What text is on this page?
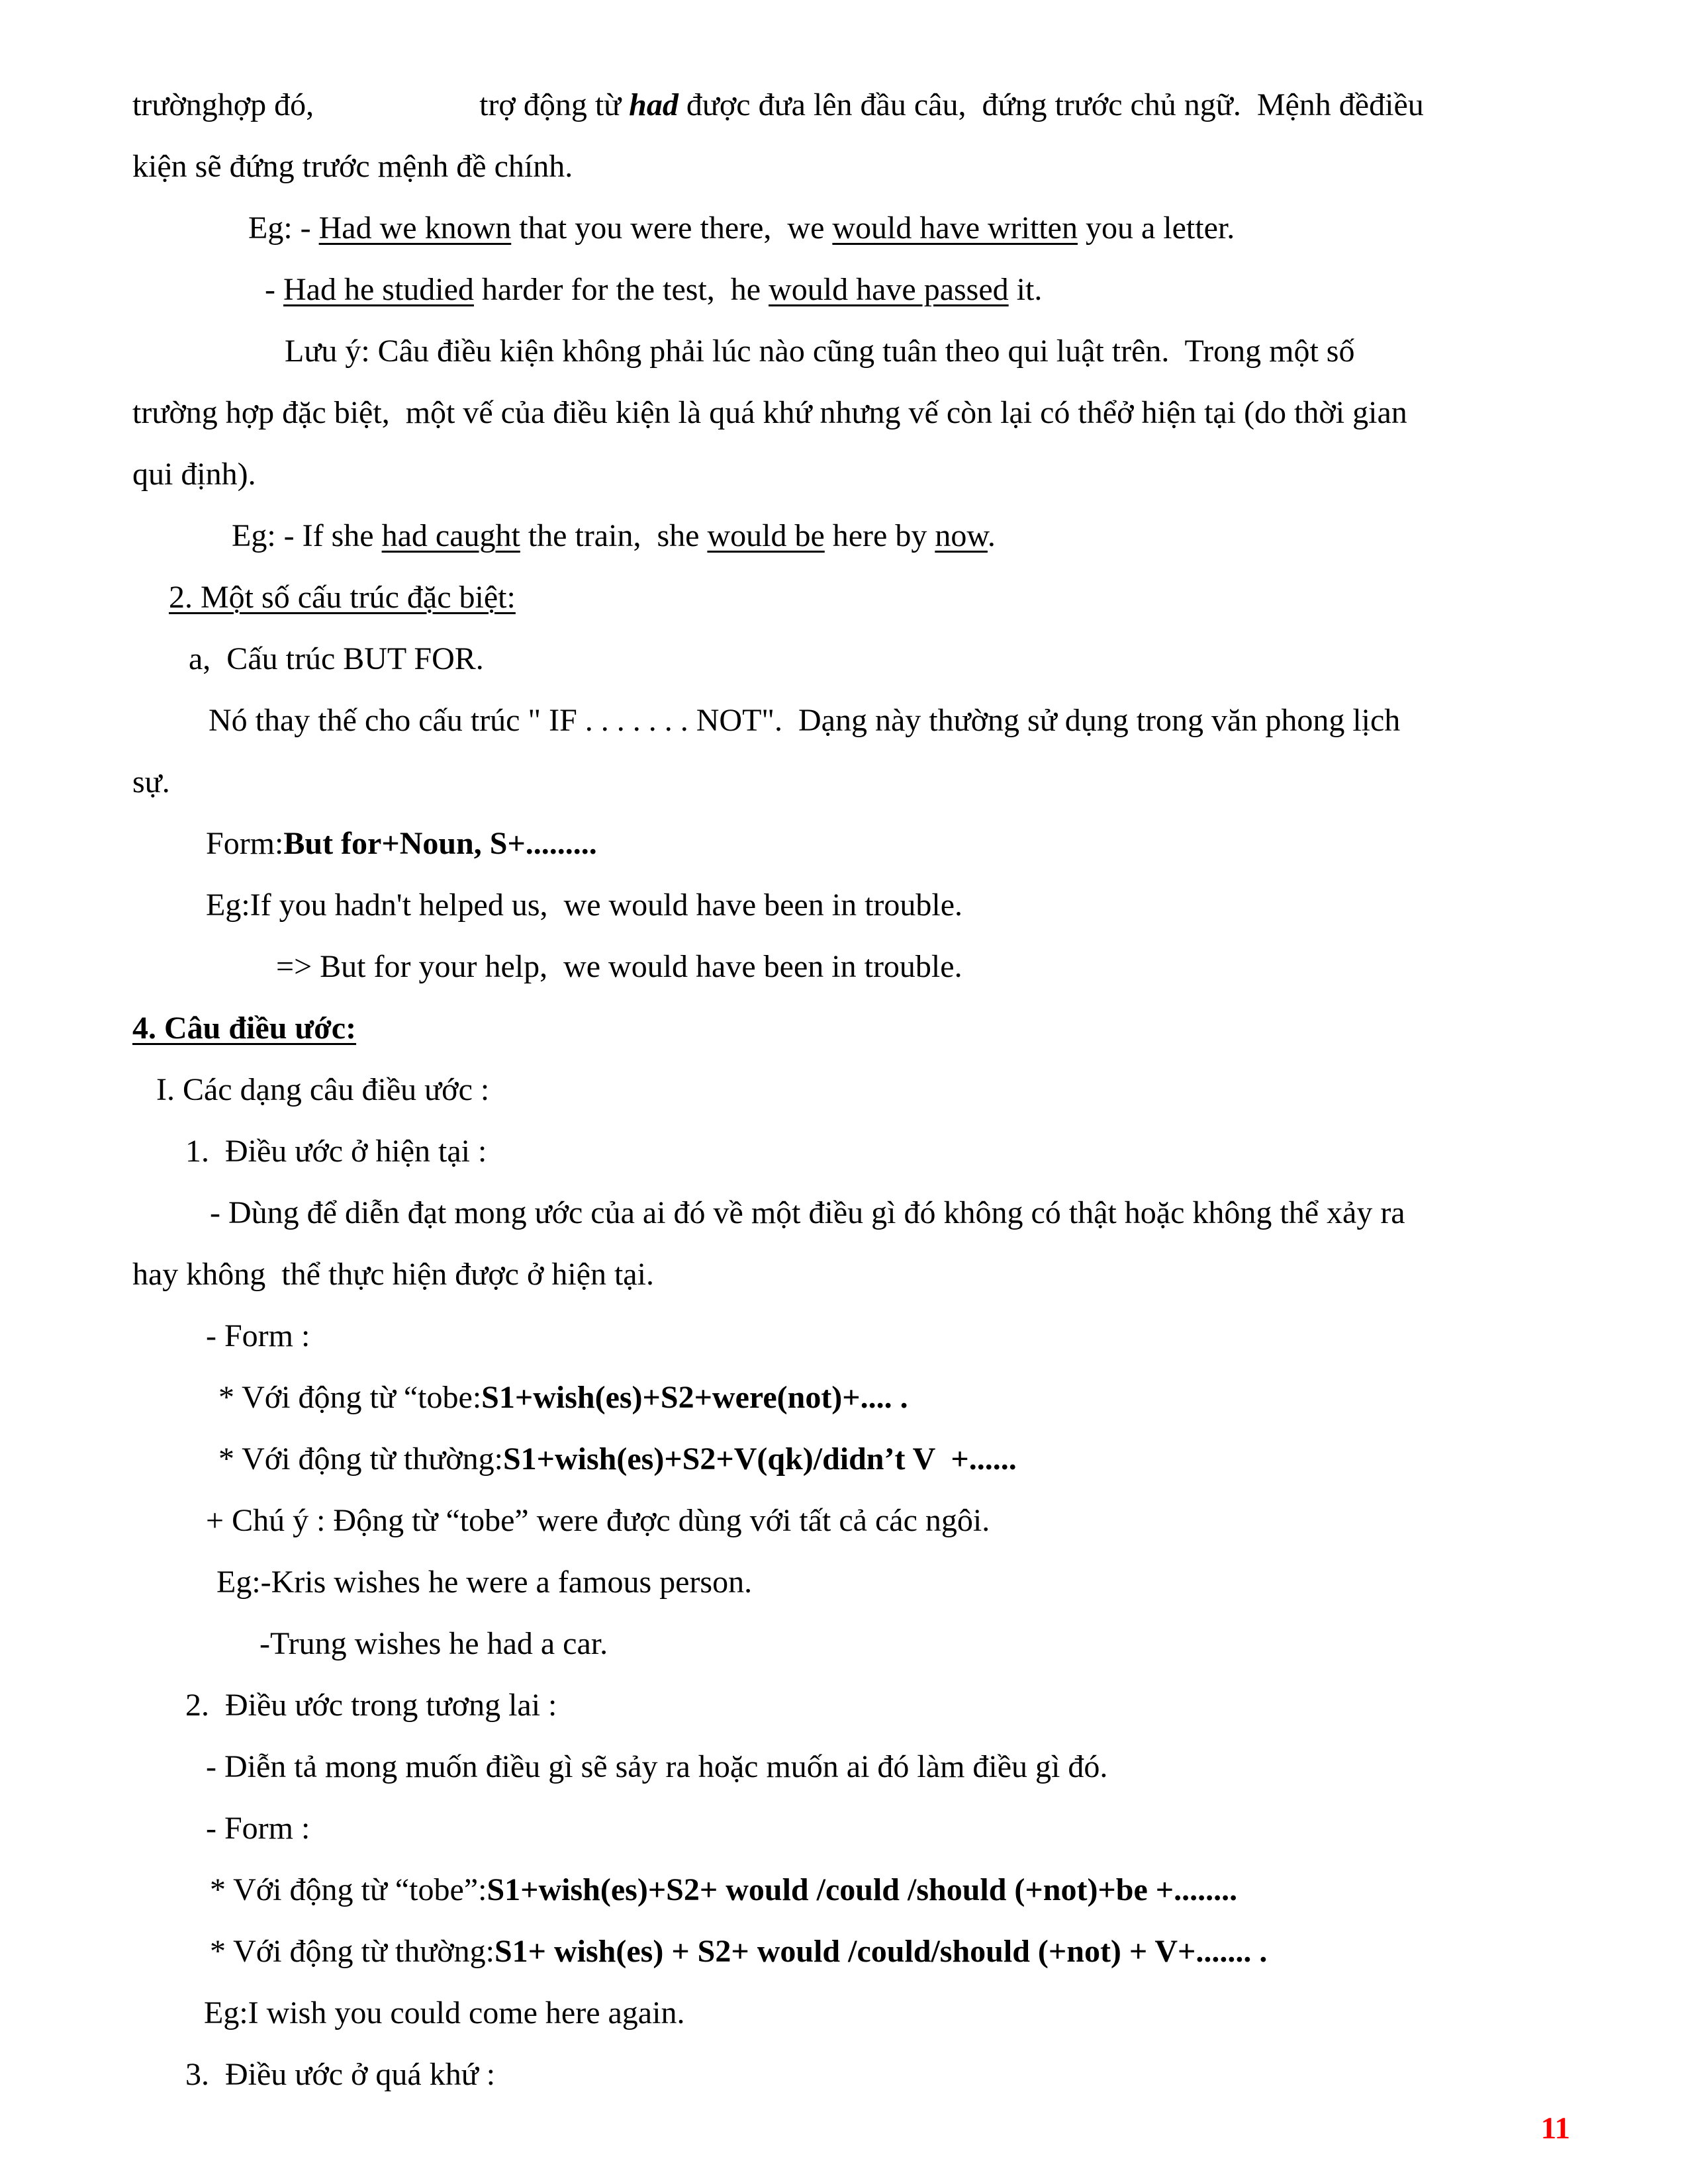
trườnghợp đó,	trợ động từ had được đưa lên đầu câu,  đứng trước chủ ngữ.  Mệnh đềđiều
kiện sẽ đứng trước mệnh đề chính.
Eg: - Had we known that you were there,  we would have written you a letter.
- Had he studied harder for the test,  he would have passed it.
Lưu ý: Câu điều kiện không phải lúc nào cũng tuân theo qui luật trên.  Trong một số
trường hợp đặc biệt,  một vế của điều kiện là quá khứ nhưng vế còn lại có thểở hiện tại (do thời gian
qui định).
Eg: - If she had caught the train,  she would be here by now.
2. Một số cấu trúc đặc biệt:
a,  Cấu trúc BUT FOR.
Nó thay thế cho cấu trúc " IF . . . . . . . NOT".  Dạng này thường sử dụng trong văn phong lịch
sự.
Form:But for+Noun, S+.........
Eg:If you hadn't helped us,  we would have been in trouble.
=> But for your help,  we would have been in trouble.
4. Câu điều ước:
I. Các dạng câu điều ước :
1.  Điều ước ở hiện tại :
- Dùng để diễn đạt mong ước của ai đó về một điều gì đó không có thật hoặc không thể xảy ra
hay không  thể thực hiện được ở hiện tại.
- Form :
* Với động từ “tobe:S1+wish(es)+S2+were(not)+.... .
* Với động từ thường:S1+wish(es)+S2+V(qk)/didn’t V  +......
+ Chú ý : Động từ “tobe” were được dùng với tất cả các ngôi.
Eg:-Kris wishes he were a famous person.
-Trung wishes he had a car.
2.  Điều ước trong tương lai :
- Diễn tả mong muốn điều gì sẽ sảy ra hoặc muốn ai đó làm điều gì đó.
- Form :
* Với động từ “tobe”:S1+wish(es)+S2+ would /could /should (+not)+be +........
* Với động từ thường:S1+ wish(es) + S2+ would /could/should (+not) + V+....... .
Eg:I wish you could come here again.
3.  Điều ước ở quá khứ :
11
